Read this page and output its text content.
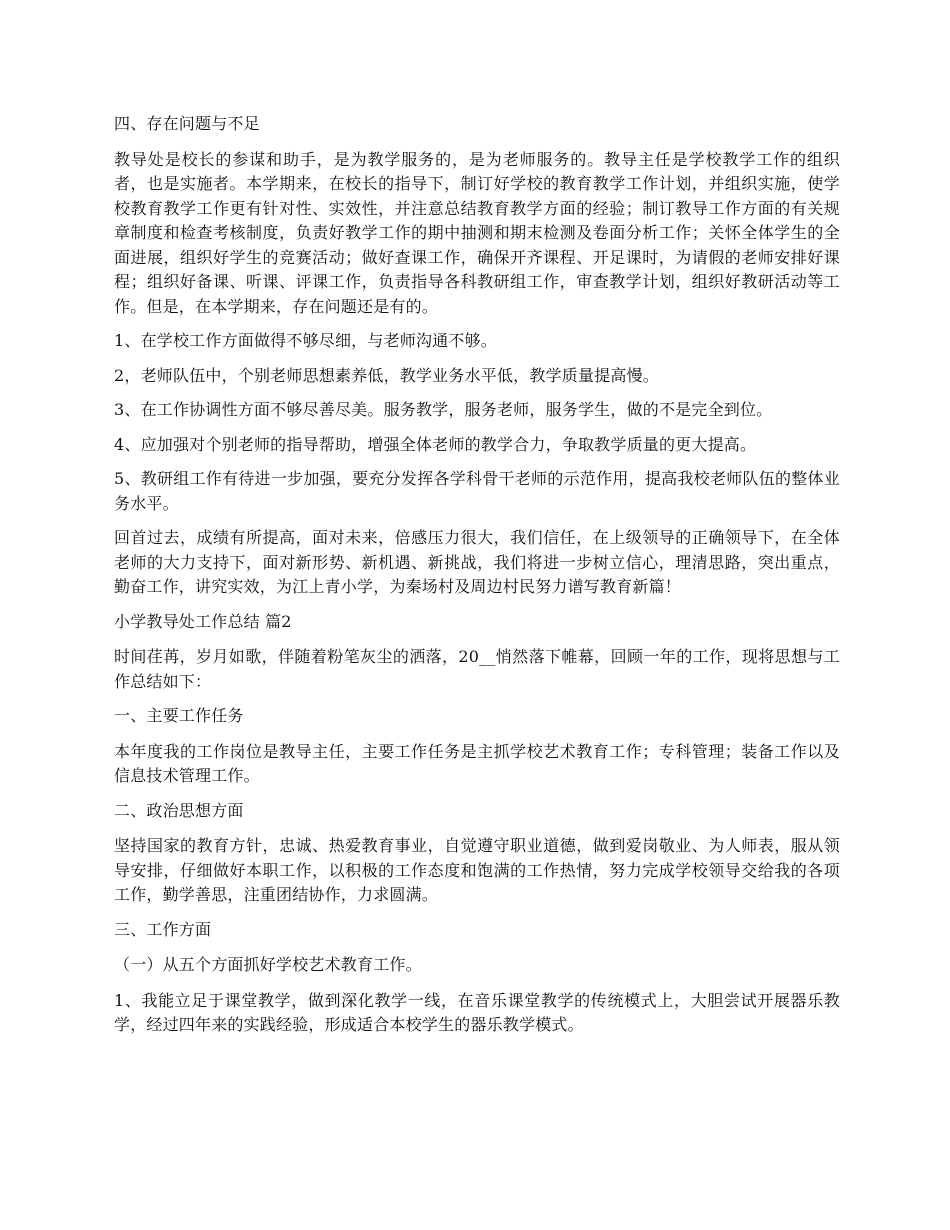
四、存在问题与不足

教导处是校长的参谋和助手，是为教学服务的，是为老师服务的。教导主任是学校教学工作的组织者，也是实施者。本学期来，在校长的指导下，制订好学校的教育教学工作计划，并组织实施，使学校教育教学工作更有针对性、实效性，并注意总结教育教学方面的经验；制订教导工作方面的有关规章制度和检查考核制度，负责好教学工作的期中抽测和期末检测及卷面分析工作；关怀全体学生的全面进展，组织好学生的竞赛活动；做好查课工作，确保开齐课程、开足课时，为请假的老师安排好课程；组织好备课、听课、评课工作，负责指导各科教研组工作，审查教学计划，组织好教研活动等工作。但是，在本学期来，存在问题还是有的。

1、在学校工作方面做得不够尽细，与老师沟通不够。

2，老师队伍中，个别老师思想素养低，教学业务水平低，教学质量提高慢。

3、在工作协调性方面不够尽善尽美。服务教学，服务老师，服务学生，做的不是完全到位。

4、应加强对个别老师的指导帮助，增强全体老师的教学合力，争取教学质量的更大提高。

5、教研组工作有待进一步加强，要充分发挥各学科骨干老师的示范作用，提高我校老师队伍的整体业务水平。

回首过去，成绩有所提高，面对未来，倍感压力很大，我们信任，在上级领导的正确领导下，在全体老师的大力支持下，面对新形势、新机遇、新挑战，我们将进一步树立信心，理清思路，突出重点，勤奋工作，讲究实效，为江上青小学，为秦场村及周边村民努力谱写教育新篇！

小学教导处工作总结 篇2

时间荏苒，岁月如歌，伴随着粉笔灰尘的洒落，20__悄然落下帷幕，回顾一年的工作，现将思想与工作总结如下：

一、主要工作任务

本年度我的工作岗位是教导主任，主要工作任务是主抓学校艺术教育工作；专科管理；装备工作以及信息技术管理工作。

二、政治思想方面

坚持国家的教育方针，忠诚、热爱教育事业，自觉遵守职业道德，做到爱岗敬业、为人师表，服从领导安排，仔细做好本职工作，以积极的工作态度和饱满的工作热情，努力完成学校领导交给我的各项工作，勤学善思，注重团结协作，力求圆满。

三、工作方面

（一）从五个方面抓好学校艺术教育工作。

1、我能立足于课堂教学，做到深化教学一线，在音乐课堂教学的传统模式上，大胆尝试开展器乐教学，经过四年来的实践经验，形成适合本校学生的器乐教学模式。
